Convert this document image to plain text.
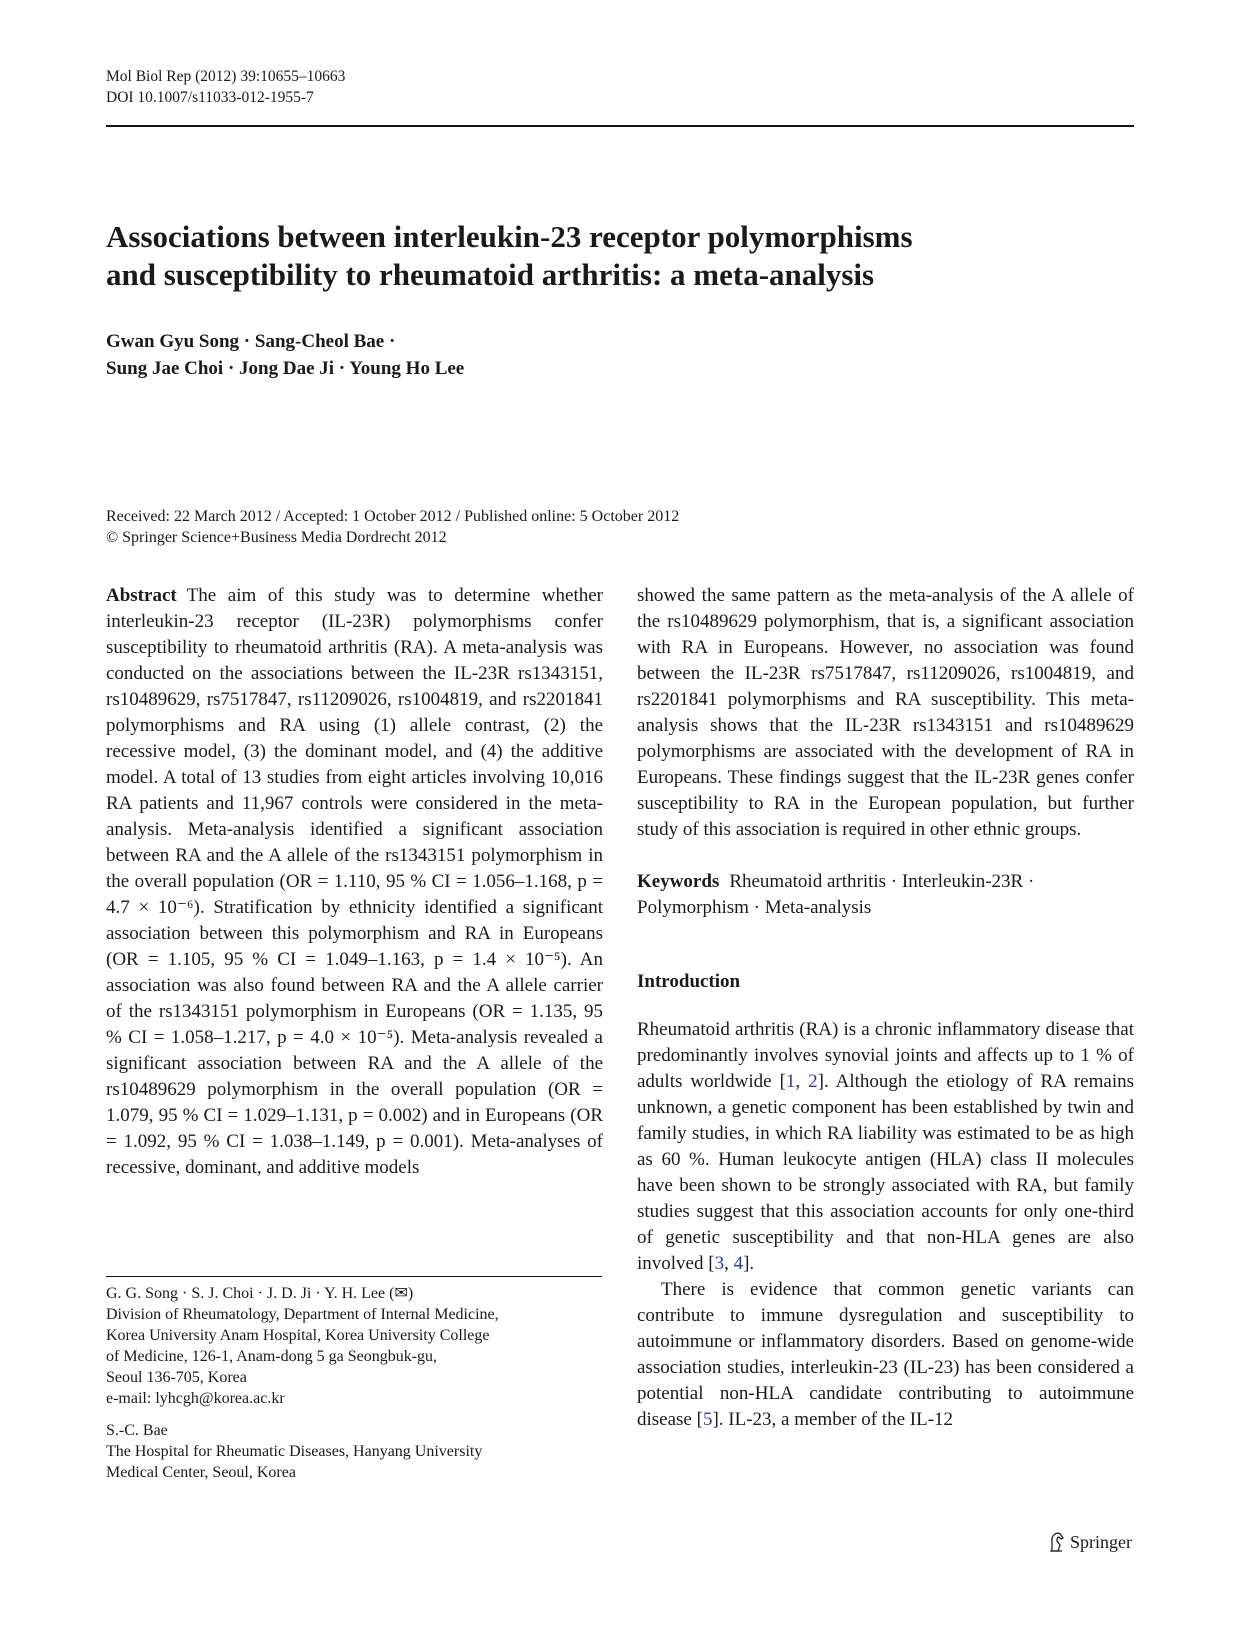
Mol Biol Rep (2012) 39:10655–10663
DOI 10.1007/s11033-012-1955-7
Associations between interleukin-23 receptor polymorphisms
and susceptibility to rheumatoid arthritis: a meta-analysis
Gwan Gyu Song · Sang-Cheol Bae ·
Sung Jae Choi · Jong Dae Ji · Young Ho Lee
Received: 22 March 2012 / Accepted: 1 October 2012 / Published online: 5 October 2012
© Springer Science+Business Media Dordrecht 2012

Abstract The aim of this study was to determine whether interleukin-23 receptor (IL-23R) polymorphisms confer susceptibility to rheumatoid arthritis (RA). A meta-analysis was conducted on the associations between the IL-23R rs1343151, rs10489629, rs7517847, rs11209026, rs1004819, and rs2201841 polymorphisms and RA using (1) allele contrast, (2) the recessive model, (3) the dominant model, and (4) the additive model. A total of 13 studies from eight articles involving 10,016 RA patients and 11,967 controls were considered in the meta-analysis. Meta-analysis identified a significant association between RA and the A allele of the rs1343151 polymorphism in the overall population (OR = 1.110, 95 % CI = 1.056–1.168, p = 4.7 × 10⁻⁶). Stratification by ethnicity identified a significant association between this polymorphism and RA in Europeans (OR = 1.105, 95 % CI = 1.049–1.163, p = 1.4 × 10⁻⁵). An association was also found between RA and the A allele carrier of the rs1343151 polymorphism in Europeans (OR = 1.135, 95 % CI = 1.058–1.217, p = 4.0 × 10⁻⁵). Meta-analysis revealed a significant association between RA and the A allele of the rs10489629 polymorphism in the overall population (OR = 1.079, 95 % CI = 1.029–1.131, p = 0.002) and in Europeans (OR = 1.092, 95 % CI = 1.038–1.149, p = 0.001). Meta-analyses of recessive, dominant, and additive models

showed the same pattern as the meta-analysis of the A allele of the rs10489629 polymorphism, that is, a significant association with RA in Europeans. However, no association was found between the IL-23R rs7517847, rs11209026, rs1004819, and rs2201841 polymorphisms and RA susceptibility. This meta-analysis shows that the IL-23R rs1343151 and rs10489629 polymorphisms are associated with the development of RA in Europeans. These findings suggest that the IL-23R genes confer susceptibility to RA in the European population, but further study of this association is required in other ethnic groups.

Keywords Rheumatoid arthritis · Interleukin-23R · Polymorphism · Meta-analysis

Introduction

Rheumatoid arthritis (RA) is a chronic inflammatory disease that predominantly involves synovial joints and affects up to 1 % of adults worldwide [1, 2]. Although the etiology of RA remains unknown, a genetic component has been established by twin and family studies, in which RA liability was estimated to be as high as 60 %. Human leukocyte antigen (HLA) class II molecules have been shown to be strongly associated with RA, but family studies suggest that this association accounts for only one-third of genetic susceptibility and that non-HLA genes are also involved [3, 4].

There is evidence that common genetic variants can contribute to immune dysregulation and susceptibility to autoimmune or inflammatory disorders. Based on genome-wide association studies, interleukin-23 (IL-23) has been considered a potential non-HLA candidate contributing to autoimmune disease [5]. IL-23, a member of the IL-12

G. G. Song · S. J. Choi · J. D. Ji · Y. H. Lee (✉)
Division of Rheumatology, Department of Internal Medicine,
Korea University Anam Hospital, Korea University College
of Medicine, 126-1, Anam-dong 5 ga Seongbuk-gu,
Seoul 136-705, Korea
e-mail: lyhcgh@korea.ac.kr
S.-C. Bae
The Hospital for Rheumatic Diseases, Hanyang University
Medical Center, Seoul, Korea
Springer
